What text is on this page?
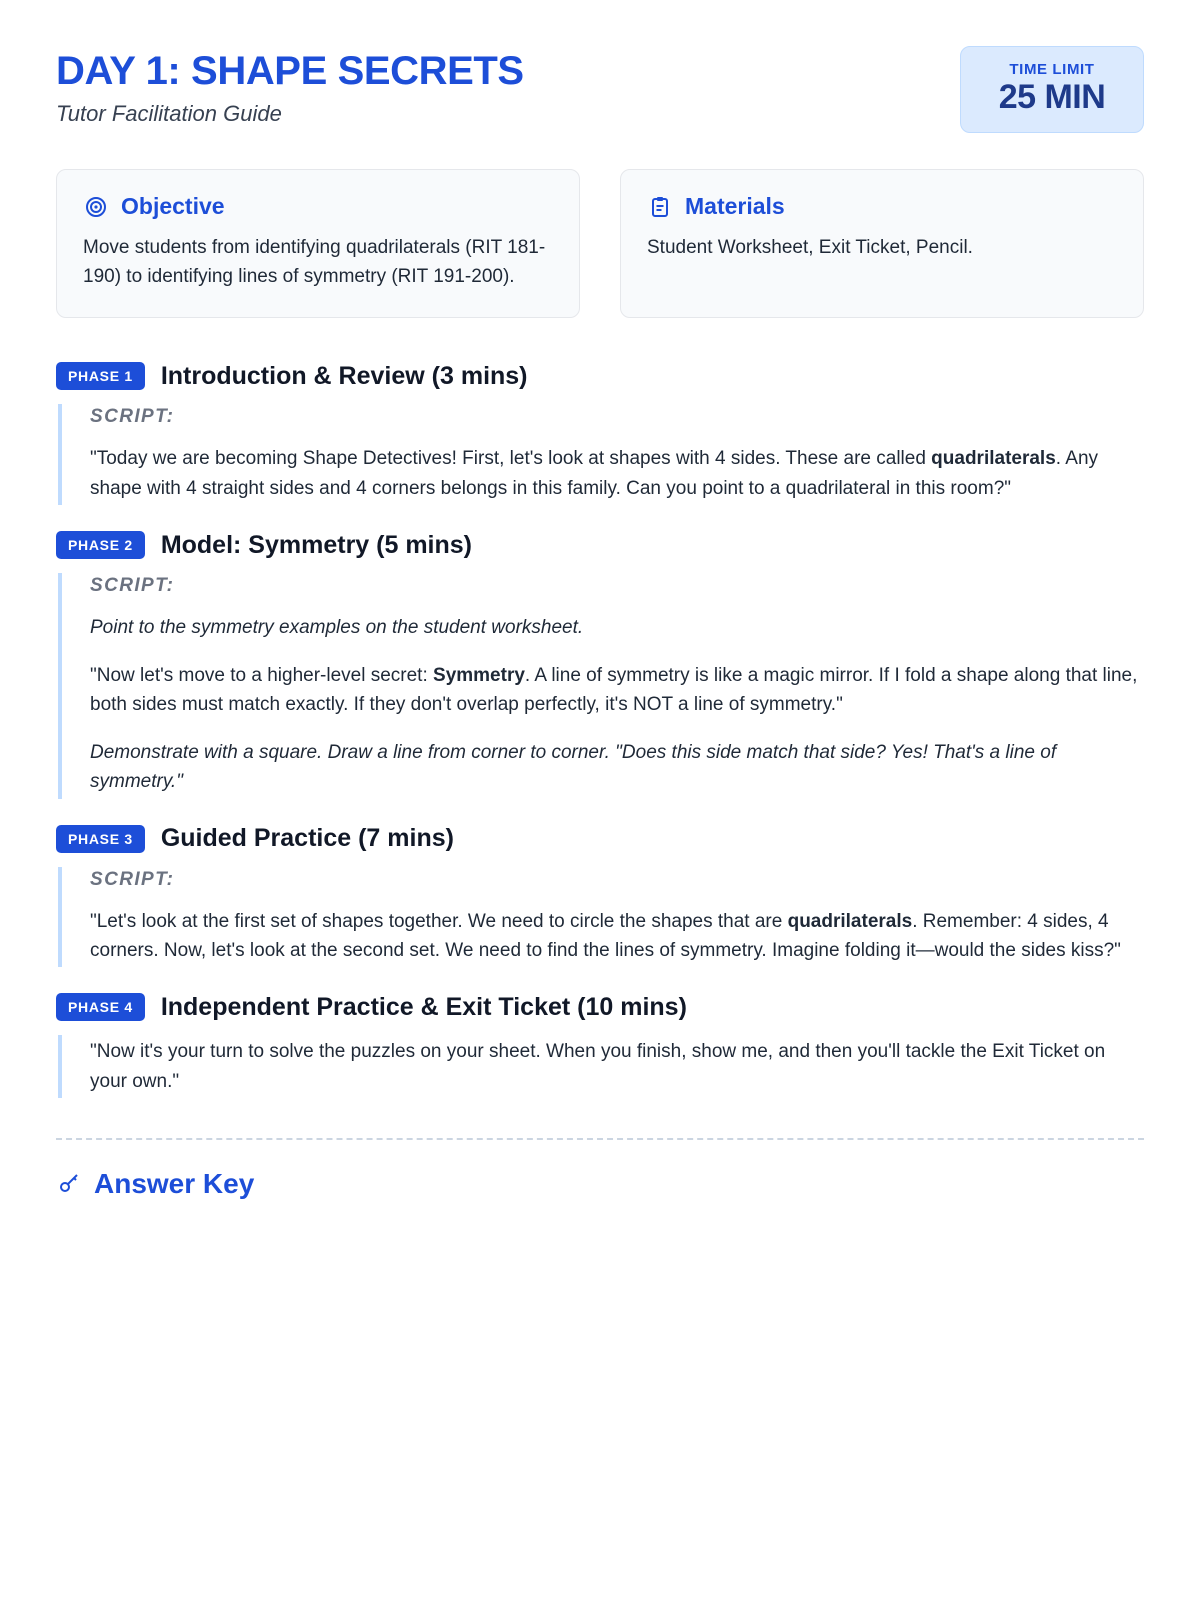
DAY 1: SHAPE SECRETS

Tutor Facilitation Guide

TIME LIMIT
25 MIN
Objective
Move students from identifying quadrilaterals (RIT 181-190) to identifying lines of symmetry (RIT 191-200).
Materials
Student Worksheet, Exit Ticket, Pencil.
PHASE 1	Introduction & Review (3 mins)
SCRIPT:

"Today we are becoming Shape Detectives! First, let's look at shapes with 4 sides. These are called quadrilaterals. Any shape with 4 straight sides and 4 corners belongs in this family. Can you point to a quadrilateral in this room?"

PHASE 2	Model: Symmetry (5 mins)
SCRIPT:

Point to the symmetry examples on the student worksheet.

"Now let's move to a higher-level secret: Symmetry. A line of symmetry is like a magic mirror. If I fold a shape along that line, both sides must match exactly. If they don't overlap perfectly, it's NOT a line of symmetry."

Demonstrate with a square. Draw a line from corner to corner. "Does this side match that side? Yes! That's a line of symmetry."

PHASE 3	Guided Practice (7 mins)
SCRIPT:

"Let's look at the first set of shapes together. We need to circle the shapes that are quadrilaterals. Remember: 4 sides, 4 corners. Now, let's look at the second set. We need to find the lines of symmetry. Imagine folding it—would the sides kiss?"

PHASE 4	Independent Practice & Exit Ticket (10 mins)

"Now it's your turn to solve the puzzles on your sheet. When you finish, show me, and then you'll tackle the Exit Ticket on your own."

Answer Key
